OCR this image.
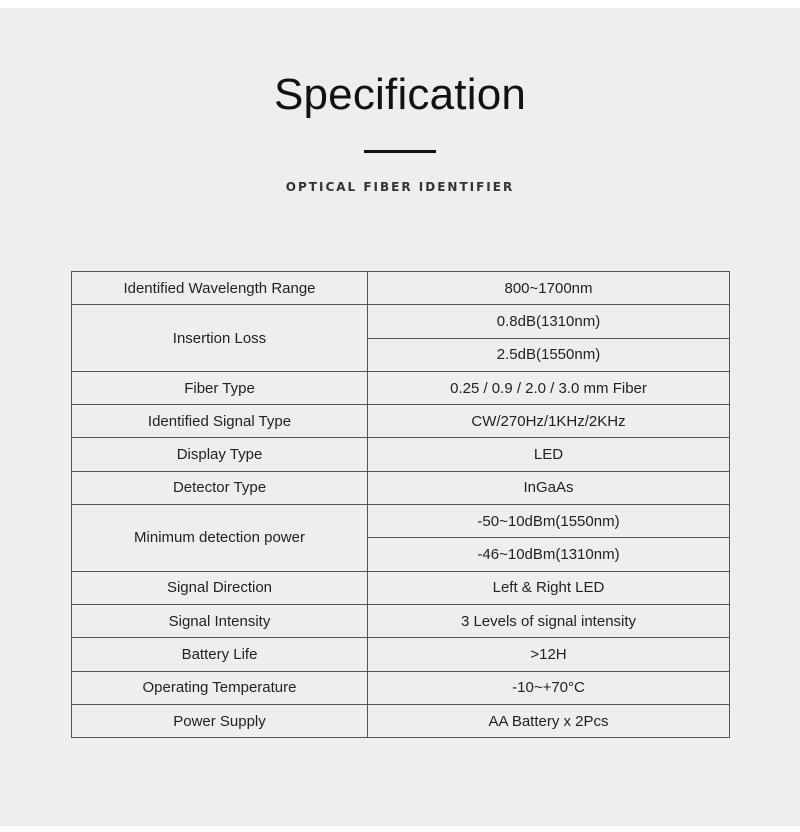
Specification
OPTICAL FIBER IDENTIFIER
Identified Wavelength Range	800~1700nm
Insertion Loss	0.8dB(1310nm)
	2.5dB(1550nm)
Fiber Type	0.25 / 0.9 / 2.0 / 3.0 mm Fiber
Identified Signal Type	CW/270Hz/1KHz/2KHz
Display Type	LED
Detector Type	InGaAs
Minimum detection power	-50~10dBm(1550nm)
	-46~10dBm(1310nm)
Signal Direction	Left & Right LED
Signal Intensity	3 Levels of signal intensity
Battery Life	>12H
Operating Temperature	-10~+70°C
Power Supply	AA Battery x 2Pcs
